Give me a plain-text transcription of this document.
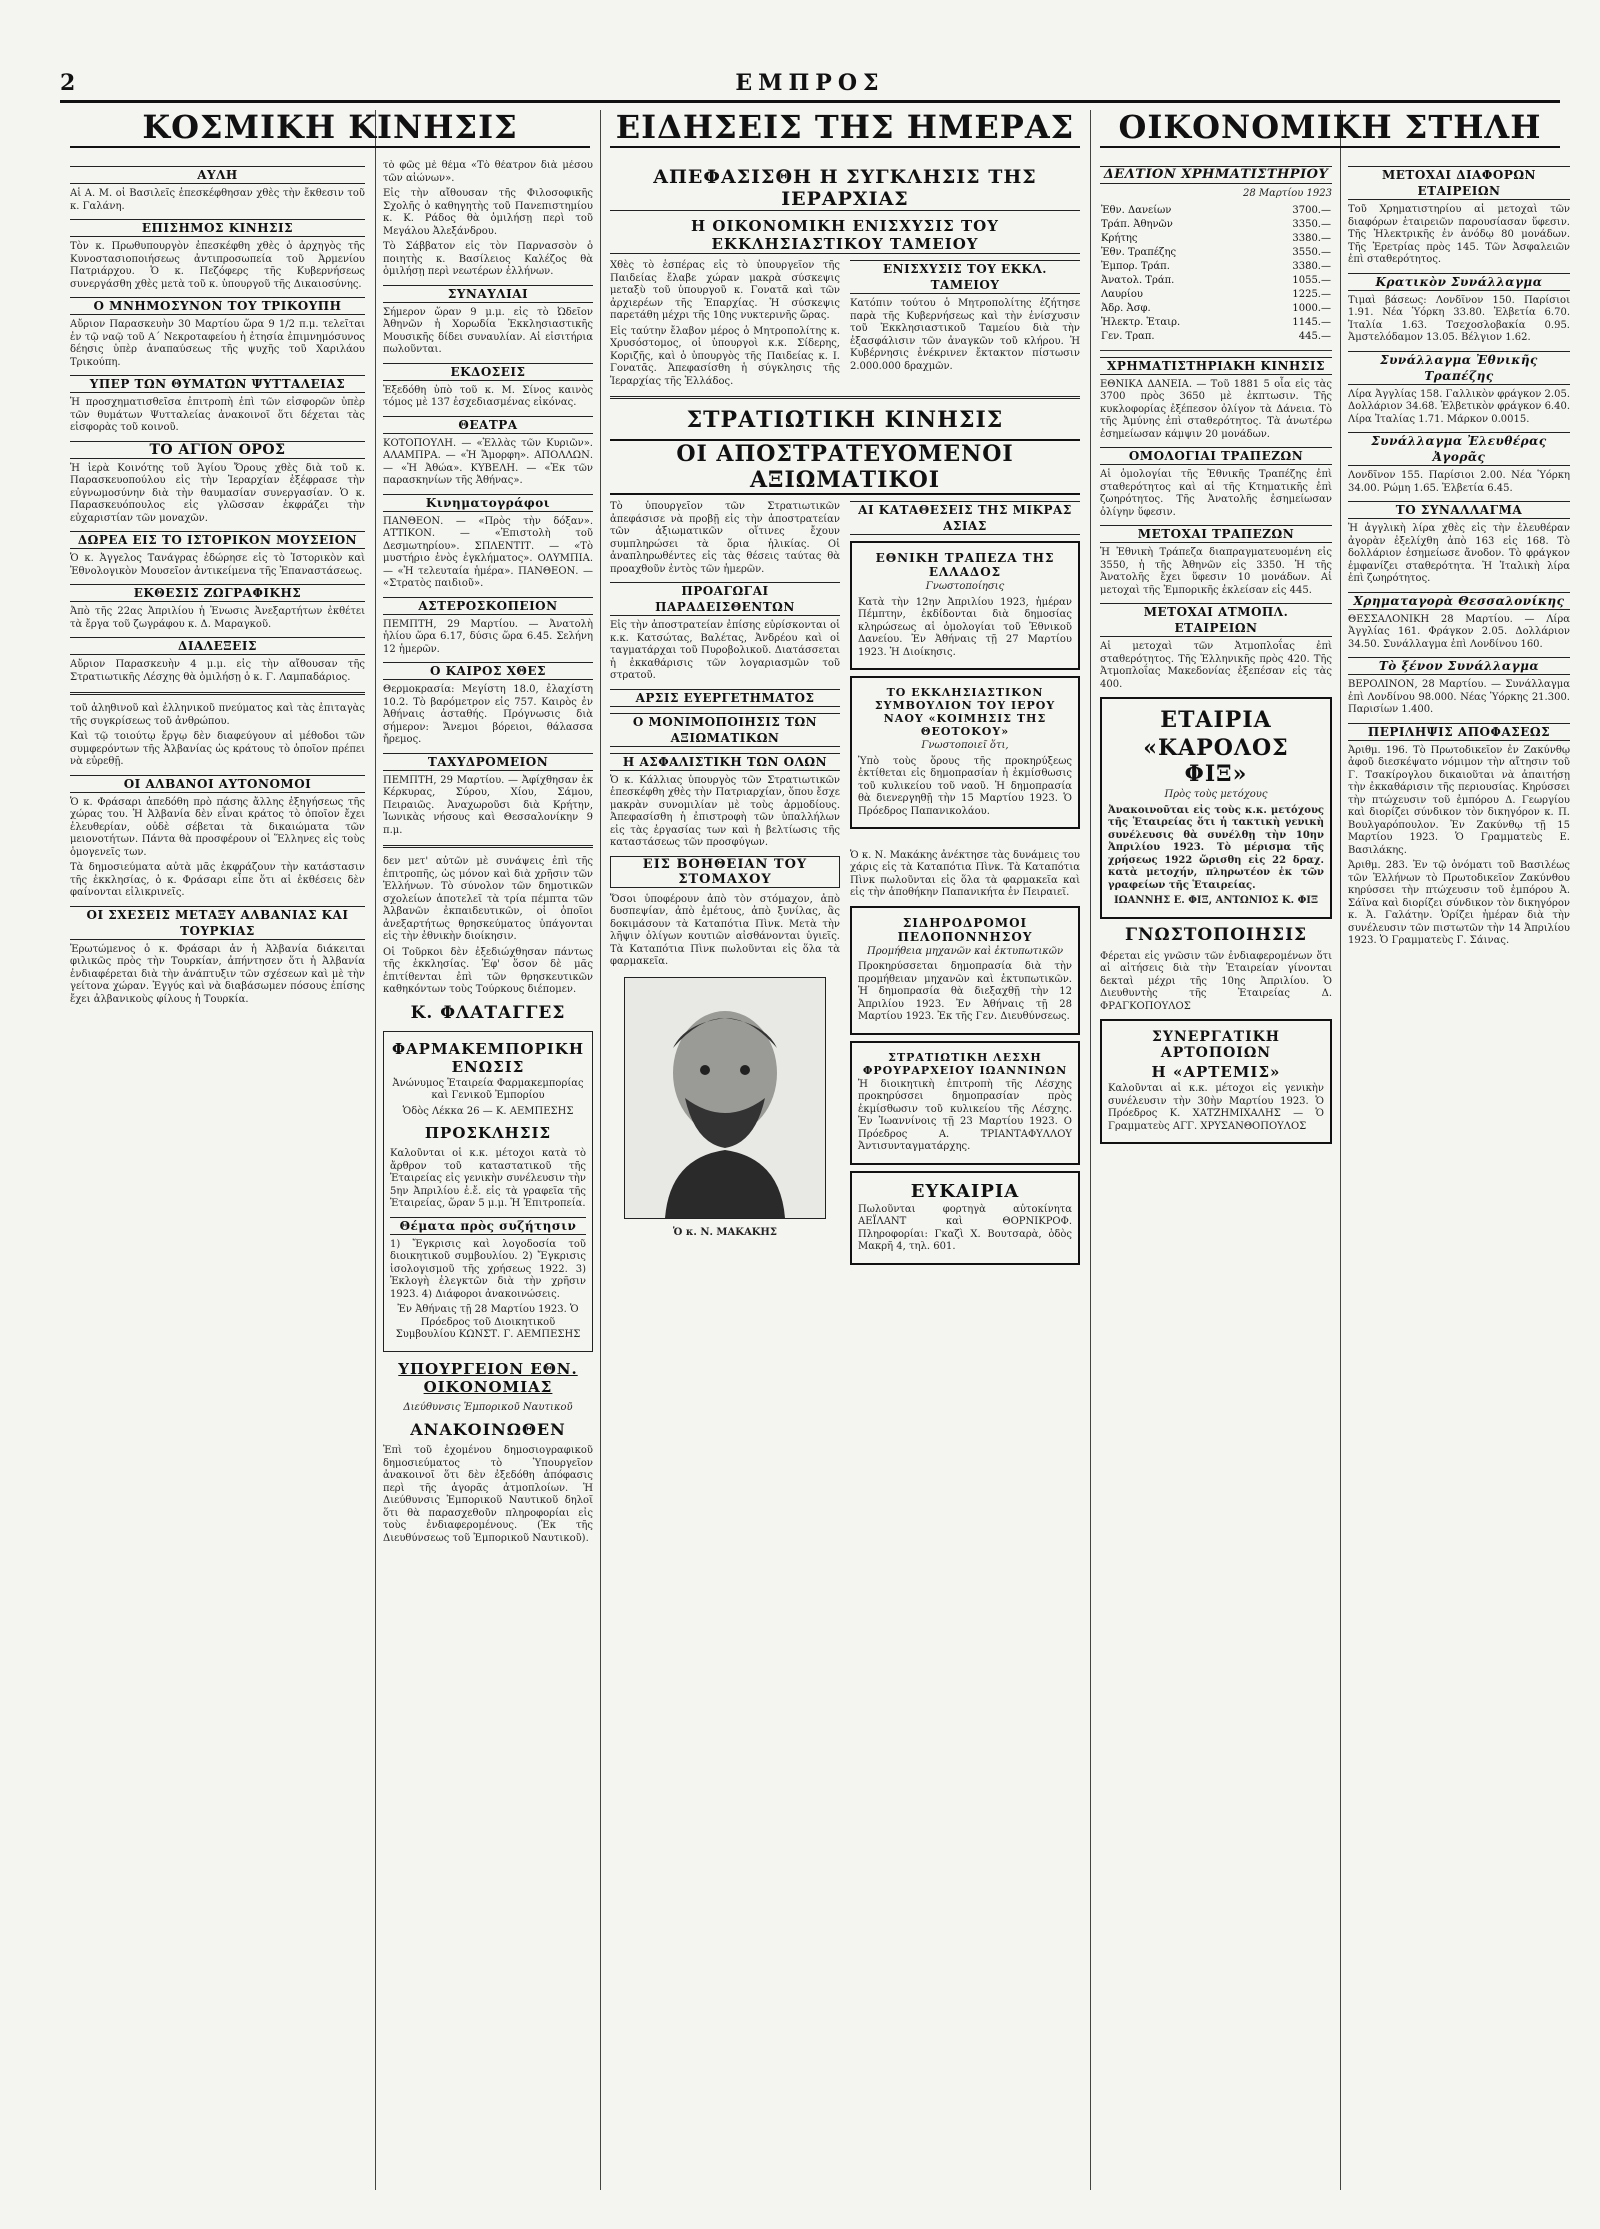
2	ΕΜΠΡΟΣ
ΚΟΣΜΙΚΗ ΚΙΝΗΣΙΣ	ΕΙΔΗΣΕΙΣ ΤΗΣ ΗΜΕΡΑΣ	ΟΙΚΟΝΟΜΙΚΗ ΣΤΗΛΗ
ΑΥΛΗ

Αἱ Α. Μ. οἱ Βασιλεῖς ἐπεσκέφθησαν χθὲς τὴν ἔκθεσιν τοῦ κ. Γαλάνη.

ΕΠΙΣΗΜΟΣ ΚΙΝΗΣΙΣ

Τὸν κ. Πρωθυπουργὸν ἐπεσκέφθη χθὲς ὁ ἀρχηγὸς τῆς Κυνοστασιοποιήσεως ἀντιπροσωπεία τοῦ Ἀρμενίου Πατριάρχου. Ὁ κ. Πεζόφερς τῆς Κυβερνήσεως συνεργάσθη χθὲς μετὰ τοῦ κ. ὑπουργοῦ τῆς Δικαιοσύνης.

Ο ΜΝΗΜΟΣΥΝΟΝ ΤΟΥ ΤΡΙΚΟΥΠΗ

Αὔριον Παρασκευὴν 30 Μαρτίου ὥρα 9 1/2 π.μ. τελεῖται ἐν τῷ ναῷ τοῦ Α΄ Νεκροταφείου ἡ ἐτησία ἐπιμνημόσυνος δέησις ὑπὲρ ἀναπαύσεως τῆς ψυχῆς τοῦ Χαριλάου Τρικούπη.

ΥΠΕΡ ΤΩΝ ΘΥΜΑΤΩΝ ΨΥΤΤΑΛΕΙΑΣ

Ἡ προσχηματισθεῖσα ἐπιτροπὴ ἐπὶ τῶν εἰσφορῶν ὑπὲρ τῶν θυμάτων Ψυτταλείας ἀνακοινοῖ ὅτι δέχεται τὰς εἰσφορὰς τοῦ κοινοῦ.

ΤΟ ΑΓΙΟΝ ΟΡΟΣ

Ἡ ἱερὰ Κοινότης τοῦ Ἁγίου Ὄρους χθὲς διὰ τοῦ κ. Παρασκευοπούλου εἰς τὴν Ἱεραρχίαν ἐξέφρασε τὴν εὐγνωμοσύνην διὰ τὴν θαυμασίαν συνεργασίαν. Ὁ κ. Παρασκευόπουλος εἰς γλῶσσαν ἐκφράζει τὴν εὐχαριστίαν τῶν μοναχῶν.

ΔΩΡΕΑ ΕΙΣ ΤΟ ΙΣΤΟΡΙΚΟΝ ΜΟΥΣΕΙΟΝ

Ὁ κ. Ἀγγελος Τανάγρας ἐδώρησε εἰς τὸ Ἱστορικὸν καὶ Ἐθνολογικὸν Μουσεῖον ἀντικείμενα τῆς Ἐπαναστάσεως.

ΕΚΘΕΣΙΣ ΖΩΓΡΑΦΙΚΗΣ

Ἀπὸ τῆς 22ας Ἀπριλίου ἡ Ἑνωσις Ἀνεξαρτήτων ἐκθέτει τὰ ἔργα τοῦ ζωγράφου κ. Δ. Μαραγκοῦ.

ΔΙΑΛΕΞΕΙΣ

Αὔριον Παρασκευὴν 4 μ.μ. εἰς τὴν αἴθουσαν τῆς Στρατιωτικῆς Λέσχης θὰ ὁμιλήσῃ ὁ κ. Γ. Λαμπαδάριος.

τοῦ ἀληθινοῦ καὶ ἐλληνικοῦ πνεύματος καὶ τὰς ἐπιταγὰς τῆς συγκρίσεως τοῦ ἀνθρώπου.

Καὶ τῷ τοιούτῳ ἔργῳ δὲν διαφεύγουν αἱ μέθοδοι τῶν συμφερόντων τῆς Ἀλβανίας ὡς κράτους τὸ ὁποῖον πρέπει νὰ εὐρεθῇ.

ΟΙ ΑΛΒΑΝΟΙ ΑΥΤΟΝΟΜΟΙ

Ὁ κ. Φράσαρι ἀπεδόθη πρὸ πάσης ἄλλης ἐξηγήσεως τῆς χώρας του. Ἡ Ἀλβανία δὲν εἶναι κράτος τὸ ὁποῖον ἔχει ἐλευθερίαν, οὐδὲ σέβεται τὰ δικαιώματα τῶν μειονοτήτων. Πάντα θὰ προσφέρουν οἱ Ἕλληνες εἰς τοὺς ὁμογενεῖς των.

Τὰ δημοσιεύματα αὐτὰ μᾶς ἐκφράζουν τὴν κατάστασιν τῆς ἐκκλησίας, ὁ κ. Φράσαρι εἶπε ὅτι αἱ ἐκθέσεις δὲν φαίνονται εἰλικρινεῖς.

ΟΙ ΣΧΕΣΕΙΣ ΜΕΤΑΞΥ ΑΛΒΑΝΙΑΣ ΚΑΙ ΤΟΥΡΚΙΑΣ

Ἐρωτώμενος ὁ κ. Φράσαρι ἀν ἡ Ἀλβανία διάκειται φιλικῶς πρὸς τὴν Τουρκίαν, ἀπήντησεν ὅτι ἡ Ἀλβανία ἐνδιαφέρεται διὰ τὴν ἀνάπτυξιν τῶν σχέσεων καὶ μὲ τὴν γείτονα χώραν. Ἐγγύς καὶ νὰ διαβάσωμεν πόσους ἐπίσης ἔχει ἀλβανικοὺς φίλους ἡ Τουρκία.

τὸ φῶς μὲ θέμα «Τὸ θέατρον διὰ μέσου τῶν αἰώνων».

Εἰς τὴν αἴθουσαν τῆς Φιλοσοφικῆς Σχολῆς ὁ καθηγητὴς τοῦ Πανεπιστημίου κ. Κ. Ράδος θὰ ὁμιλήσῃ περὶ τοῦ Μεγάλου Ἀλεξάνδρου.

Τὸ Σάββατον εἰς τὸν Παρνασσὸν ὁ ποιητὴς κ. Βασίλειος Καλέζος θὰ ὁμιλήσῃ περὶ νεωτέρων ἐλλήνων.

ΣΥΝΑΥΛΙΑΙ

Σήμερον ὥραν 9 μ.μ. εἰς τὸ Ὠδεῖον Ἀθηνῶν ἡ Χορωδία Ἐκκλησιαστικῆς Μουσικῆς δίδει συναυλίαν. Αἱ εἰσιτήρια πωλοῦνται.

ΕΚΔΟΣΕΙΣ

Ἐξεδόθη ὑπὸ τοῦ κ. Μ. Σίνος καινὸς τόμος μὲ 137 ἐσχεδιασμένας εἰκόνας.

ΘΕΑΤΡΑ

ΚΟΤΟΠΟΥΛΗ. — «Ἑλλὰς τῶν Κυριῶν». ΑΛΑΜΠΡΑ. — «Ἡ Ἄμορφη». ΑΠΟΛΛΩΝ. — «Ἡ Ἀθώα». ΚΥΒΕΛΗ. — «Ἐκ τῶν παρασκηνίων τῆς Ἀθήνας».

Κινηματογράφοι

ΠΑΝΘΕΟΝ. — «Πρὸς τὴν δόξαν». ΑΤΤΙΚΟΝ. — «Ἐπιστολὴ τοῦ Δεσμωτηρίου». ΣΠΛΕΝΤΙΤ. — «Τὸ μυστήριο ἑνὸς ἐγκλήματος». ΟΛΥΜΠΙΑ. — «Ἡ τελευταία ἡμέρα». ΠΑΝΘΕΟΝ. — «Στρατὸς παιδιοῦ».

ΑΣΤΕΡΟΣΚΟΠΕΙΟΝ

ΠΕΜΠΤΗ, 29 Μαρτίου. — Ἀνατολὴ ἡλίου ὥρα 6.17, δύσις ὥρα 6.45. Σελήνη 12 ἡμερῶν.

Ο ΚΑΙΡΟΣ ΧΘΕΣ

Θερμοκρασία: Μεγίστη 18.0, ἐλαχίστη 10.2. Τὸ βαρόμετρον εἰς 757. Καιρὸς ἐν Ἀθήναις ἀσταθής. Πρόγνωσις διὰ σήμερον: Ἄνεμοι βόρειοι, θάλασσα ἤρεμος.

ΤΑΧΥΔΡΟΜΕΙΟΝ

ΠΕΜΠΤΗ, 29 Μαρτίου. — Ἀφίχθησαν ἐκ Κέρκυρας, Σύρου, Χίου, Σάμου, Πειραιῶς. Ἀναχωροῦσι διὰ Κρήτην, Ἰωνικὰς νήσους καὶ Θεσσαλονίκην 9 π.μ.

δεν μετ' αὐτῶν μὲ συνάψεις ἐπὶ τῆς ἐπιτροπῆς, ὡς μόνον καὶ διὰ χρῆσιν τῶν Ἑλλήνων. Τὸ σύνολον τῶν δημοτικῶν σχολείων ἀποτελεῖ τὰ τρία πέμπτα τῶν Ἀλβανῶν ἐκπαιδευτικῶν, οἱ ὁποῖοι ἀνεξαρτήτως θρησκεύματος ὑπάγονται εἰς τὴν ἐθνικὴν διοίκησιν.

Οἱ Τοῦρκοι δὲν ἐξεδιώχθησαν πάντως τῆς ἐκκλησίας. Ἐφ' ὅσον δὲ μᾶς ἐπιτίθενται ἐπὶ τῶν θρησκευτικῶν καθηκόντων τοὺς Τούρκους διέπομεν.

Κ. ΦΛΑΤΑΓΓΕΣ
ΦΑΡΜΑΚΕΜΠΟΡΙΚΗ ΕΝΩΣΙΣ

Ἀνώνυμος Ἑταιρεία Φαρμακεμπορίας καὶ Γενικοῦ Ἐμπορίου

Ὁδὸς Λέκκα 26 — Κ. ΑΕΜΠΕΣΗΣ

ΠΡΟΣΚΛΗΣΙΣ

Καλοῦνται οἱ κ.κ. μέτοχοι κατὰ τὸ ἄρθρον τοῦ καταστατικοῦ τῆς Ἑταιρείας εἰς γενικὴν συνέλευσιν τὴν 5ην Ἀπριλίου ἐ.ἔ. εἰς τὰ γραφεῖα τῆς Ἑταιρείας, ὥραν 5 μ.μ. Ἡ Ἐπιτροπεία.

Θέματα πρὸς συζήτησιν

1) Ἔγκρισις καὶ λογοδοσία τοῦ διοικητικοῦ συμβουλίου. 2) Ἔγκρισις ἰσολογισμοῦ τῆς χρήσεως 1922. 3) Ἐκλογὴ ἐλεγκτῶν διὰ τὴν χρῆσιν 1923. 4) Διάφοροι ἀνακοινώσεις.

Ἐν Ἀθήναις τῇ 28 Μαρτίου 1923. Ὁ Πρόεδρος τοῦ Διοικητικοῦ Συμβουλίου ΚΩΝΣΤ. Γ. ΑΕΜΠΕΣΗΣ

ΥΠΟΥΡΓΕΙΟΝ ΕΘΝ. ΟΙΚΟΝΟΜΙΑΣ

Διεύθυνσις Ἐμπορικοῦ Ναυτικοῦ

ΑΝΑΚΟΙΝΩΘΕΝ

Ἐπὶ τοῦ ἐχομένου δημοσιογραφικοῦ δημοσιεύματος τὸ Ὑπουργεῖον ἀνακοινοῖ ὅτι δὲν ἐξεδόθη ἀπόφασις περὶ τῆς ἀγορᾶς ἀτμοπλοίων. Ἡ Διεύθυνσις Ἐμπορικοῦ Ναυτικοῦ δηλοῖ ὅτι θὰ παρασχεθοῦν πληροφορίαι εἰς τοὺς ἐνδιαφερομένους. (Ἐκ τῆς Διευθύνσεως τοῦ Ἐμπορικοῦ Ναυτικοῦ).

ΑΠΕΦΑΣΙΣΘΗ Η ΣΥΓΚΛΗΣΙΣ ΤΗΣ ΙΕΡΑΡΧΙΑΣ
Η ΟΙΚΟΝΟΜΙΚΗ ΕΝΙΣΧΥΣΙΣ ΤΟΥ ΕΚΚΛΗΣΙΑΣΤΙΚΟΥ ΤΑΜΕΙΟΥ

Χθὲς τὸ ἑσπέρας εἰς τὸ ὑπουργεῖον τῆς Παιδείας ἔλαβε χώραν μακρὰ σύσκεψις μεταξὺ τοῦ ὑπουργοῦ κ. Γονατᾶ καὶ τῶν ἀρχιερέων τῆς Ἐπαρχίας. Ἡ σύσκεψις παρετάθη μέχρι τῆς 10ης νυκτερινῆς ὥρας.

Εἰς ταύτην ἔλαβον μέρος ὁ Μητροπολίτης κ. Χρυσόστομος, οἱ ὑπουργοὶ κ.κ. Σίδερης, Κοριζῆς, καὶ ὁ ὑπουργὸς τῆς Παιδείας κ. Ι. Γονατᾶς. Ἀπεφασίσθη ἡ σύγκλησις τῆς Ἱεραρχίας τῆς Ἑλλάδος.

ΕΝΙΣΧΥΣΙΣ ΤΟΥ ΕΚΚΛ. ΤΑΜΕΙΟΥ

Κατόπιν τούτου ὁ Μητροπολίτης ἐζήτησε παρὰ τῆς Κυβερνήσεως καὶ τὴν ἐνίσχυσιν τοῦ Ἐκκλησιαστικοῦ Ταμείου διὰ τὴν ἐξασφάλισιν τῶν ἀναγκῶν τοῦ κλήρου. Ἡ Κυβέρνησις ἐνέκρινεν ἔκτακτον πίστωσιν 2.000.000 δραχμῶν.

ΣΤΡΑΤΙΩΤΙΚΗ ΚΙΝΗΣΙΣ
ΟΙ ΑΠΟΣΤΡΑΤΕΥΟΜΕΝΟΙ ΑΞΙΩΜΑΤΙΚΟΙ

Τὸ ὑπουργεῖον τῶν Στρατιωτικῶν ἀπεφάσισε νὰ προβῇ εἰς τὴν ἀποστρατείαν τῶν ἀξιωματικῶν οἵτινες ἔχουν συμπληρώσει τὰ ὅρια ἡλικίας. Οἱ ἀναπληρωθέντες εἰς τὰς θέσεις ταύτας θὰ προαχθοῦν ἐντὸς τῶν ἡμερῶν.

ΠΡΟΑΓΩΓΑΙ ΠΑΡΑΔΕΙΣΘΕΝΤΩΝ

Εἰς τὴν ἀποστρατείαν ἐπίσης εὑρίσκονται οἱ κ.κ. Κατσώτας, Βαλέτας, Ἀνδρέου καὶ οἱ ταγματάρχαι τοῦ Πυροβολικοῦ. Διατάσσεται ἡ ἐκκαθάρισις τῶν λογαριασμῶν τοῦ στρατοῦ.

ΑΡΣΙΣ ΕΥΕΡΓΕΤΗΜΑΤΟΣ
Ο ΜΟΝΙΜΟΠΟΙΗΣΙΣ ΤΩΝ ΑΞΙΩΜΑΤΙΚΩΝ
Η ΑΣΦΑΛΙΣΤΙΚΗ ΤΩΝ ΟΛΩΝ

Ὁ κ. Κάλλιας ὑπουργὸς τῶν Στρατιωτικῶν ἐπεσκέφθη χθὲς τὴν Πατριαρχίαν, ὅπου ἔσχε μακρὰν συνομιλίαν μὲ τοὺς ἀρμοδίους. Ἀπεφασίσθη ἡ ἐπιστροφὴ τῶν ὑπαλλήλων εἰς τὰς ἐργασίας των καὶ ἡ βελτίωσις τῆς καταστάσεως τῶν προσφύγων.

ΑΙ ΚΑΤΑΘΕΣΕΙΣ ΤΗΣ ΜΙΚΡΑΣ ΑΣΙΑΣ
ΕΘΝΙΚΗ ΤΡΑΠΕΖΑ ΤΗΣ ΕΛΛΑΔΟΣ

Γνωστοποίησις

Κατὰ τὴν 12ην Ἀπριλίου 1923, ἡμέραν Πέμπτην, ἐκδίδονται διὰ δημοσίας κληρώσεως αἱ ὁμολογίαι τοῦ Ἐθνικοῦ Δανείου. Ἐν Ἀθήναις τῇ 27 Μαρτίου 1923. Ἡ Διοίκησις.

ΤΟ ΕΚΚΛΗΣΙΑΣΤΙΚΟΝ ΣΥΜΒΟΥΛΙΟΝ ΤΟΥ ΙΕΡΟΥ ΝΑΟΥ «ΚΟΙΜΗΣΙΣ ΤΗΣ ΘΕΟΤΟΚΟΥ»

Γνωστοποιεῖ ὅτι,

Ὑπὸ τοὺς ὅρους τῆς προκηρύξεως ἐκτίθεται εἰς δημοπρασίαν ἡ ἐκμίσθωσις τοῦ κυλικείου τοῦ ναοῦ. Ἡ δημοπρασία θὰ διενεργηθῇ τὴν 15 Μαρτίου 1923. Ὁ Πρόεδρος Παπανικολάου.

ΕΙΣ ΒΟΗΘΕΙΑΝ ΤΟΥ ΣΤΟΜΑΧΟΥ

Ὅσοι ὑποφέρουν ἀπὸ τὸν στόμαχον, ἀπὸ δυσπεψίαν, ἀπὸ ἐμέτους, ἀπὸ ξυνίλας, ἂς δοκιμάσουν τὰ Καταπότια Πὶνκ. Μετὰ τὴν λῆψιν ὀλίγων κουτιῶν αἰσθάνονται ὑγιεῖς. Τὰ Καταπότια Πὶνκ πωλοῦνται εἰς ὅλα τὰ φαρμακεῖα.

Ὁ κ. Ν. ΜΑΚΑΚΗΣ

Ὁ κ. Ν. Μακάκης ἀνέκτησε τὰς δυνάμεις του χάρις εἰς τὰ Καταπότια Πὶνκ. Τὰ Καταπότια Πὶνκ πωλοῦνται εἰς ὅλα τὰ φαρμακεῖα καὶ εἰς τὴν ἀποθήκην Παπανικήτα ἐν Πειραιεῖ.

ΣΙΔΗΡΟΔΡΟΜΟΙ ΠΕΛΟΠΟΝΝΗΣΟΥ

Προμήθεια μηχανῶν καὶ ἐκτυπωτικῶν

Προκηρύσσεται δημοπρασία διὰ τὴν προμήθειαν μηχανῶν καὶ ἐκτυπωτικῶν. Ἡ δημοπρασία θὰ διεξαχθῇ τὴν 12 Ἀπριλίου 1923. Ἐν Ἀθήναις τῇ 28 Μαρτίου 1923. Ἐκ τῆς Γεν. Διευθύνσεως.

ΣΤΡΑΤΙΩΤΙΚΗ ΛΕΣΧΗ ΦΡΟΥΡΑΡΧΕΙΟΥ ΙΩΑΝΝΙΝΩΝ

Ἡ διοικητικὴ ἐπιτροπὴ τῆς Λέσχης προκηρύσσει δημοπρασίαν πρὸς ἐκμίσθωσιν τοῦ κυλικείου τῆς Λέσχης. Ἐν Ἰωαννίνοις τῇ 23 Μαρτίου 1923. Ο Πρόεδρος Α. ΤΡΙΑΝΤΑΦΥΛΛΟΥ Ἀντισυνταγματάρχης.

ΕΥΚΑΙΡΙΑ

Πωλοῦνται φορτηγὰ αὐτοκίνητα ΑΕΪΛΑΝΤ καὶ ΘΟΡΝΙΚΡΟΦ. Πληροφορίαι: Γκαζὶ Χ. Βουτσαρὰ, ὁδὸς Μακρῆ 4, τηλ. 601.

ΔΕΛΤΙΟΝ ΧΡΗΜΑΤΙΣΤΗΡΙΟΥ

28 Μαρτίου 1923

Ἐθν. Δανείων	3700.—
Τράπ. Ἀθηνῶν	3350.—
Κρήτης	3380.—
Ἐθν. Τραπέζης	3550.—
Ἐμπορ. Τράπ.	3380.—
Ἀνατολ. Τράπ.	1055.—
Λαυρίου	1225.—
Ἀδρ. Ἀσφ.	1000.—
Ἡλεκτρ. Ἑταιρ.	1145.—
Γεν. Τραπ.	445.—
ΧΡΗΜΑΤΙΣΤΗΡΙΑΚΗ ΚΙΝΗΣΙΣ

ΕΘΝΙΚΑ ΔΑΝΕΙΑ. — Τοῦ 1881 5 οἶα εἰς τὰς 3700 πρὸς 3650 μὲ ἐκπτωσιν. Τῆς κυκλοφορίας ἐξέπεσον ὀλίγον τὰ Δάνεια. Τὸ τῆς Ἀμύνης ἐπὶ σταθερότητος. Τὰ ἀνωτέρω ἐσημείωσαν κάμψιν 20 μονάδων.

ΟΜΟΛΟΓΙΑΙ ΤΡΑΠΕΖΩΝ

Αἱ ὁμολογίαι τῆς Ἐθνικῆς Τραπέζης ἐπὶ σταθερότητος καὶ αἱ τῆς Κτηματικῆς ἐπὶ ζωηρότητος. Τῆς Ἀνατολῆς ἐσημείωσαν ὀλίγην ὕφεσιν.

ΜΕΤΟΧΑΙ ΤΡΑΠΕΖΩΝ

Ἡ Ἐθνικὴ Τράπεζα διαπραγματευομένη εἰς 3550, ἡ τῆς Ἀθηνῶν εἰς 3350. Ἡ τῆς Ἀνατολῆς ἔχει ὕφεσιν 10 μονάδων. Αἱ μετοχαὶ τῆς Ἐμπορικῆς ἐκλείσαν εἰς 445.

ΜΕΤΟΧΑΙ ΑΤΜΟΠΛ. ΕΤΑΙΡΕΙΩΝ

Αἱ μετοχαὶ τῶν Ἀτμοπλοΐας ἐπὶ σταθερότητος. Τῆς Ἑλληνικῆς πρὸς 420. Τῆς Ἀτμοπλοΐας Μακεδονίας ἐξεπέσαν εἰς τὰς 400.

ΕΤΑΙΡΙΑ
«ΚΑΡΟΛΟΣ ΦΙΞ»

Πρὸς τοὺς μετόχους

Ἀνακοινοῦται εἰς τοὺς κ.κ. μετόχους τῆς Ἑταιρείας ὅτι ἡ τακτικὴ γενικὴ συνέλευσις θὰ συνέλθῃ τὴν 10ην Ἀπριλίου 1923. Τὸ μέρισμα τῆς χρήσεως 1922 ὥρισθη εἰς 22 δραχ. κατὰ μετοχήν, πληρωτέον ἐκ τῶν γραφείων τῆς Ἑταιρείας.

ΙΩΑΝΝΗΣ Ε. ΦΙΞ, ΑΝΤΩΝΙΟΣ Κ. ΦΙΞ

ΓΝΩΣΤΟΠΟΙΗΣΙΣ

Φέρεται εἰς γνῶσιν τῶν ἐνδιαφερομένων ὅτι αἱ αἰτήσεις διὰ τὴν Ἑταιρείαν γίνονται δεκταὶ μέχρι τῆς 10ης Ἀπριλίου. Ὁ Διευθυντὴς τῆς Ἑταιρείας Δ. ΦΡΑΓΚΟΠΟΥΛΟΣ

ΣΥΝΕΡΓΑΤΙΚΗ ΑΡΤΟΠΟΙΩΝ
Η «ΑΡΤΕΜΙΣ»

Καλοῦνται αἱ κ.κ. μέτοχοι εἰς γενικὴν συνέλευσιν τὴν 30ὴν Μαρτίου 1923. Ὁ Πρόεδρος Κ. ΧΑΤΖΗΜΙΧΑΛΗΣ — Ὁ Γραμματεὺς ΑΓΓ. ΧΡΥΣΑΝΘΟΠΟΥΛΟΣ

ΜΕΤΟΧΑΙ ΔΙΑΦΟΡΩΝ ΕΤΑΙΡΕΙΩΝ

Τοῦ Χρηματιστηρίου αἱ μετοχαὶ τῶν διαφόρων ἑταιρειῶν παρουσίασαν ὕφεσιν. Τῆς Ἠλεκτρικῆς ἐν ἀνόδῳ 80 μονάδων. Τῆς Ἐρετρίας πρὸς 145. Τῶν Ἀσφαλειῶν ἐπὶ σταθερότητος.

Κρατικὸν Συνάλλαγμα

Τιμαὶ βάσεως: Λονδῖνον 150. Παρίσιοι 1.91. Νέα Ὑόρκη 33.80. Ἑλβετία 6.70. Ἰταλία 1.63. Τσεχοσλοβακία 0.95. Ἀμστελόδαμον 13.05. Βέλγιον 1.62.

Συνάλλαγμα Ἐθνικῆς Τραπέζης

Λίρα Ἀγγλίας 158. Γαλλικὸν φράγκον 2.05. Δολλάριον 34.68. Ἑλβετικὸν φράγκον 6.40. Λίρα Ἰταλίας 1.71. Μάρκον 0.0015.

Συνάλλαγμα Ἐλευθέρας Ἀγορᾶς

Λονδῖνον 155. Παρίσιοι 2.00. Νέα Ὑόρκη 34.00. Ρώμη 1.65. Ἑλβετία 6.45.

ΤΟ ΣΥΝΑΛΛΑΓΜΑ

Ἡ ἀγγλικὴ λίρα χθὲς εἰς τὴν ἐλευθέραν ἀγορὰν ἐξελίχθη ἀπὸ 163 εἰς 168. Τὸ δολλάριον ἐσημείωσε ἄνοδον. Τὸ φράγκον ἐμφανίζει σταθερότητα. Ἡ Ἰταλικὴ λίρα ἐπὶ ζωηρότητος.

Χρηματαγορὰ Θεσσαλονίκης

ΘΕΣΣΑΛΟΝΙΚΗ 28 Μαρτίου. — Λίρα Ἀγγλίας 161. Φράγκον 2.05. Δολλάριον 34.50. Συνάλλαγμα ἐπὶ Λονδίνου 160.

Τὸ ξένον Συνάλλαγμα

ΒΕΡΟΛΙΝΟΝ, 28 Μαρτίου. — Συνάλλαγμα ἐπὶ Λονδίνου 98.000. Νέας Ὑόρκης 21.300. Παρισίων 1.400.

ΠΕΡΙΛΗΨΙΣ ΑΠΟΦΑΣΕΩΣ

Ἀριθμ. 196. Τὸ Πρωτοδικεῖον ἐν Ζακύνθῳ ἀφοῦ διεσκέψατο νόμιμον τὴν αἴτησιν τοῦ Γ. Τσακίρογλου δικαιοῦται νὰ ἀπαιτήσῃ τὴν ἐκκαθάρισιν τῆς περιουσίας. Κηρύσσει τὴν πτώχευσιν τοῦ ἐμπόρου Δ. Γεωργίου καὶ διορίζει σύνδικον τὸν δικηγόρον κ. Π. Βουλγαρόπουλον. Ἐν Ζακύνθῳ τῇ 15 Μαρτίου 1923. Ὁ Γραμματεὺς Ε. Βασιλάκης.

Ἀριθμ. 283. Ἐν τῷ ὀνόματι τοῦ Βασιλέως τῶν Ἑλλήνων τὸ Πρωτοδικεῖον Ζακύνθου κηρύσσει τὴν πτώχευσιν τοῦ ἐμπόρου Ἀ. Σάϊνα καὶ διορίζει σύνδικον τὸν δικηγόρον κ. Ἀ. Γαλάτην. Ὁρίζει ἡμέραν διὰ τὴν συνέλευσιν τῶν πιστωτῶν τὴν 14 Ἀπριλίου 1923. Ὁ Γραμματεὺς Γ. Σάινας.
